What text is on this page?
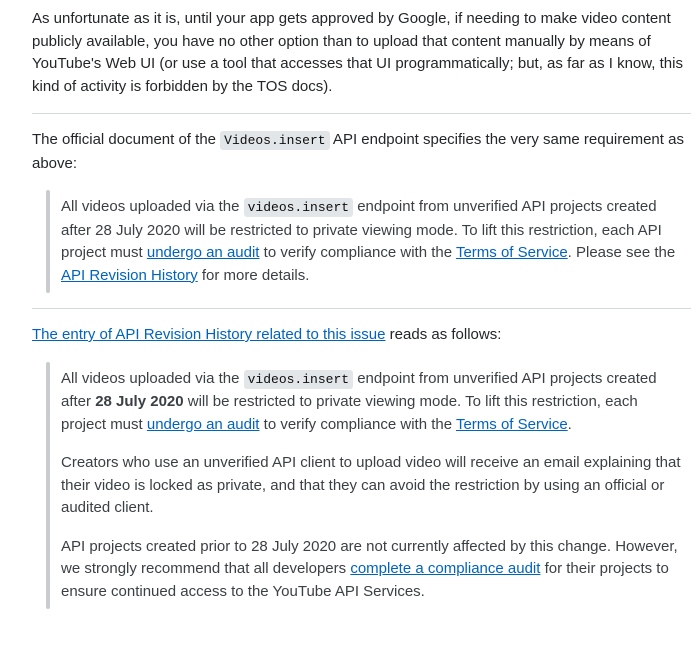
As unfortunate as it is, until your app gets approved by Google, if needing to make video content publicly available, you have no other option than to upload that content manually by means of YouTube's Web UI (or use a tool that accesses that UI programmatically; but, as far as I know, this kind of activity is forbidden by the TOS docs).

The official document of the Videos.insert API endpoint specifies the very same requirement as above:

All videos uploaded via the videos.insert endpoint from unverified API projects created after 28 July 2020 will be restricted to private viewing mode. To lift this restriction, each API project must undergo an audit to verify compliance with the Terms of Service. Please see the API Revision History for more details.

The entry of API Revision History related to this issue reads as follows:

All videos uploaded via the videos.insert endpoint from unverified API projects created after 28 July 2020 will be restricted to private viewing mode. To lift this restriction, each project must undergo an audit to verify compliance with the Terms of Service.

Creators who use an unverified API client to upload video will receive an email explaining that their video is locked as private, and that they can avoid the restriction by using an official or audited client.

API projects created prior to 28 July 2020 are not currently affected by this change. However, we strongly recommend that all developers complete a compliance audit for their projects to ensure continued access to the YouTube API Services.
